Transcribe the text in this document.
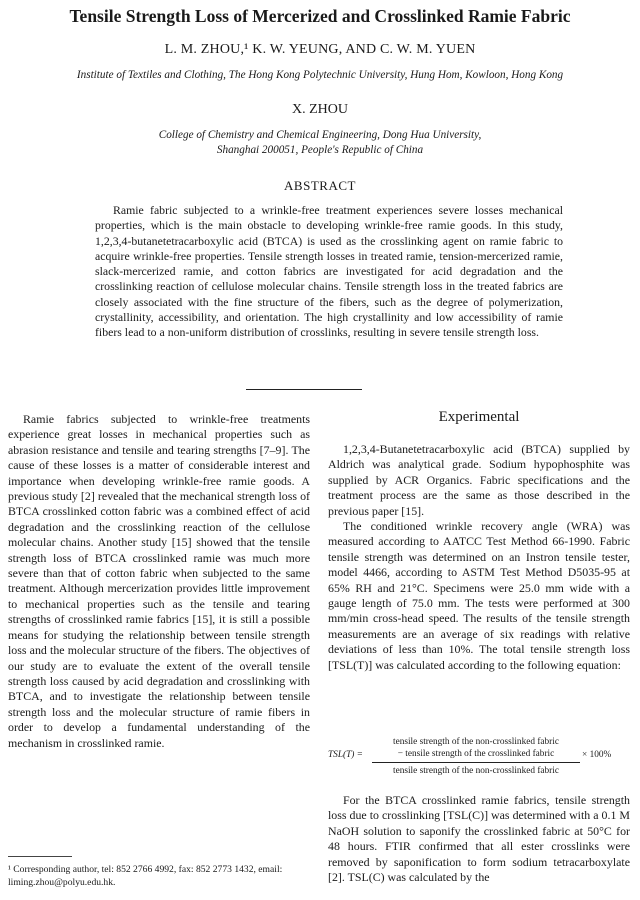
Tensile Strength Loss of Mercerized and Crosslinked Ramie Fabric
L. M. ZHOU,¹ K. W. YEUNG, AND C. W. M. YUEN
Institute of Textiles and Clothing, The Hong Kong Polytechnic University, Hung Hom, Kowloon, Hong Kong
X. ZHOU
College of Chemistry and Chemical Engineering, Dong Hua University,
Shanghai 200051, People's Republic of China
ABSTRACT

Ramie fabric subjected to a wrinkle-free treatment experiences severe losses mechanical properties, which is the main obstacle to developing wrinkle-free ramie goods. In this study, 1,2,3,4-butanetetracarboxylic acid (BTCA) is used as the crosslinking agent on ramie fabric to acquire wrinkle-free properties. Tensile strength losses in treated ramie, tension-mercerized ramie, slack-mercerized ramie, and cotton fabrics are investigated for acid degradation and the crosslinking reaction of cellulose molecular chains. Tensile strength loss in the treated fabrics are closely associated with the fine structure of the fibers, such as the degree of polymerization, crystallinity, accessibility, and orientation. The high crystallinity and low accessibility of ramie fibers lead to a non-uniform distribution of crosslinks, resulting in severe tensile strength loss.

Ramie fabrics subjected to wrinkle-free treatments experience great losses in mechanical properties such as abrasion resistance and tensile and tearing strengths [7–9]. The cause of these losses is a matter of considerable interest and importance when developing wrinkle-free ramie goods. A previous study [2] revealed that the mechanical strength loss of BTCA crosslinked cotton fabric was a combined effect of acid degradation and the crosslinking reaction of the cellulose molecular chains. Another study [15] showed that the tensile strength loss of BTCA crosslinked ramie was much more severe than that of cotton fabric when subjected to the same treatment. Although mercerization provides little improvement to mechanical properties such as the tensile and tearing strengths of crosslinked ramie fabrics [15], it is still a possible means for studying the relationship between tensile strength loss and the molecular structure of the fibers. The objectives of our study are to evaluate the extent of the overall tensile strength loss caused by acid degradation and crosslinking with BTCA, and to investigate the relationship between tensile strength loss and the molecular structure of ramie fibers in order to develop a fundamental understanding of the mechanism in crosslinked ramie.

¹ Corresponding author, tel: 852 2766 4992, fax: 852 2773 1432, email: liming.zhou@polyu.edu.hk.
Experimental

1,2,3,4-Butanetetracarboxylic acid (BTCA) supplied by Aldrich was analytical grade. Sodium hypophosphite was supplied by ACR Organics. Fabric specifications and the treatment process are the same as those described in the previous paper [15].

The conditioned wrinkle recovery angle (WRA) was measured according to AATCC Test Method 66-1990. Fabric tensile strength was determined on an Instron tensile tester, model 4466, according to ASTM Test Method D5035-95 at 65% RH and 21°C. Specimens were 25.0 mm wide with a gauge length of 75.0 mm. The tests were performed at 300 mm/min cross-head speed. The results of the tensile strength measurements are an average of six readings with relative deviations of less than 10%. The total tensile strength loss [TSL(T)] was calculated according to the following equation:

TSL(T) =
tensile strength of the non-crosslinked fabric
− tensile strength of the crosslinked fabric
tensile strength of the non-crosslinked fabric
× 100%

For the BTCA crosslinked ramie fabrics, tensile strength loss due to crosslinking [TSL(C)] was determined with a 0.1 M NaOH solution to saponify the crosslinked fabric at 50°C for 48 hours. FTIR confirmed that all ester crosslinks were removed by saponification to form sodium tetracarboxylate [2]. TSL(C) was calculated by the
